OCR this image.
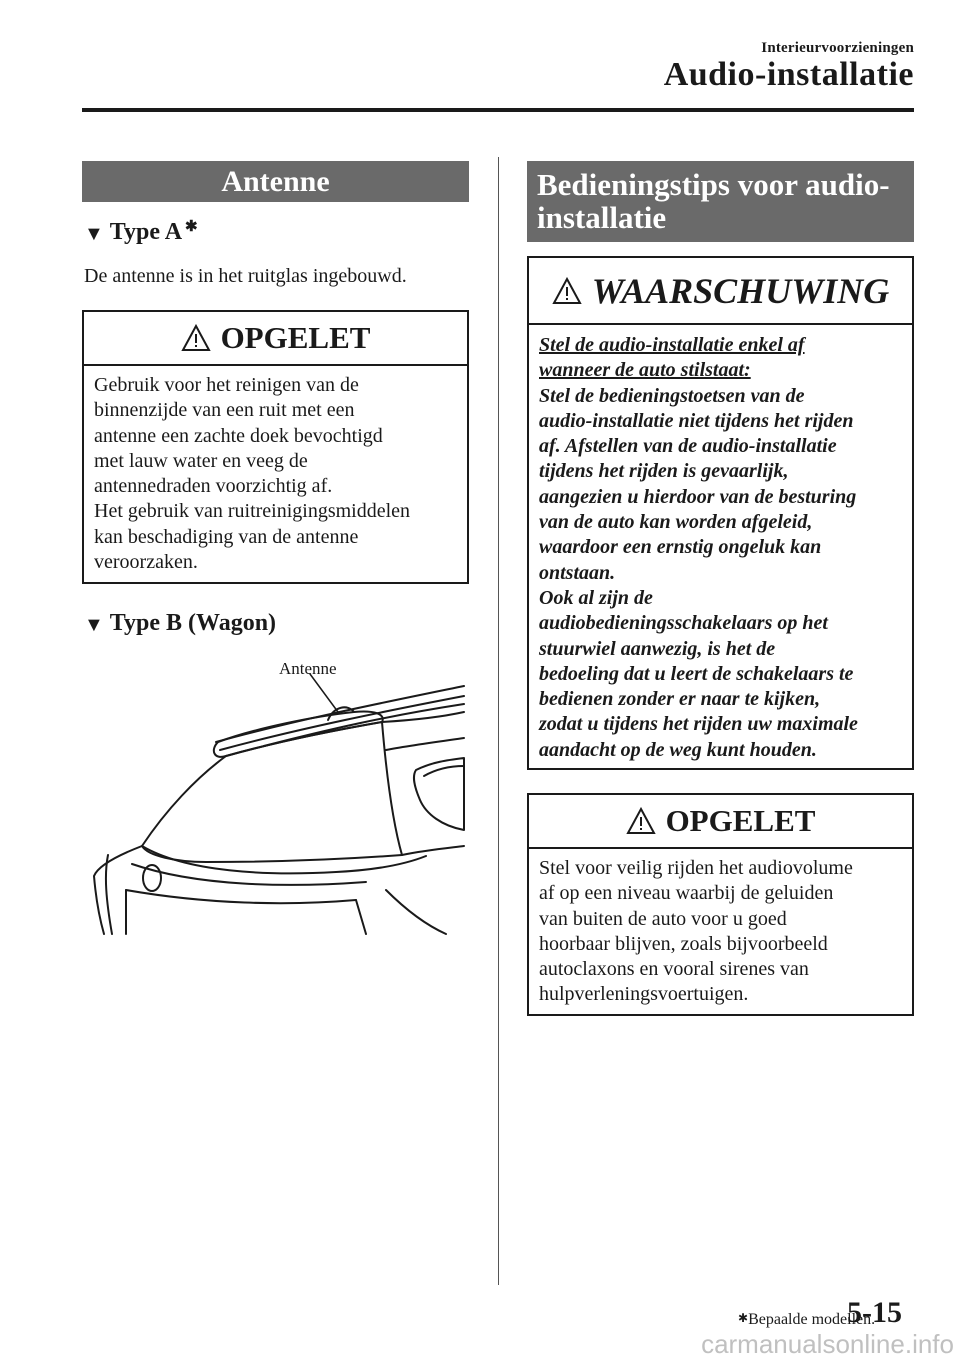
Interieurvoorzieningen
Audio-installatie
Antenne
▼ Type A ✱
De antenne is in het ruitglas ingebouwd.
OPGELET
Gebruik voor het reinigen van de
binnenzijde van een ruit met een
antenne een zachte doek bevochtigd
met lauw water en veeg de
antennedraden voorzichtig af.
Het gebruik van ruitreinigingsmiddelen
kan beschadiging van de antenne
veroorzaken.
▼ Type B (Wagon)
Antenne
Bedieningstips voor audio-installatie
WAARSCHUWING
Stel de audio-installatie enkel af
wanneer de auto stilstaat:
Stel de bedieningstoetsen van de
audio-installatie niet tijdens het rijden
af. Afstellen van de audio-installatie
tijdens het rijden is gevaarlijk,
aangezien u hierdoor van de besturing
van de auto kan worden afgeleid,
waardoor een ernstig ongeluk kan
ontstaan.
Ook al zijn de
audiobedieningsschakelaars op het
stuurwiel aanwezig, is het de
bedoeling dat u leert de schakelaars te
bedienen zonder er naar te kijken,
zodat u tijdens het rijden uw maximale
aandacht op de weg kunt houden.
OPGELET
Stel voor veilig rijden het audiovolume
af op een niveau waarbij de geluiden
van buiten de auto voor u goed
hoorbaar blijven, zoals bijvoorbeeld
autoclaxons en vooral sirenes van
hulpverleningsvoertuigen.
✱Bepaalde modellen.
5-15
carmanualsonline.info
